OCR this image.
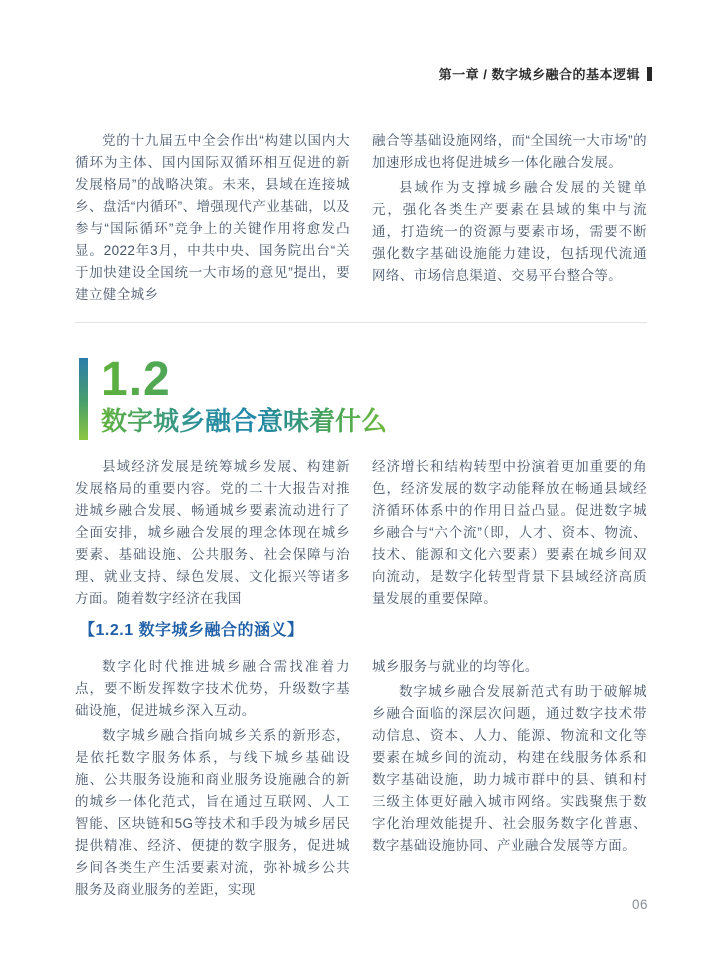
第一章 / 数字城乡融合的基本逻辑

党的十九届五中全会作出“构建以国内大循环为主体、国内国际双循环相互促进的新发展格局”的战略决策。未来，县域在连接城乡、盘活“内循环”、增强现代产业基础，以及参与“国际循环”竞争上的关键作用将愈发凸显。2022年3月，中共中央、国务院出台“关于加快建设全国统一大市场的意见”提出，要建立健全城乡

融合等基础设施网络，而“全国统一大市场”的加速形成也将促进城乡一体化融合发展。

县域作为支撑城乡融合发展的关键单元，强化各类生产要素在县域的集中与流通，打造统一的资源与要素市场，需要不断强化数字基础设施能力建设，包括现代流通网络、市场信息渠道、交易平台整合等。

1.2
数字城乡融合意味着什么

县域经济发展是统筹城乡发展、构建新发展格局的重要内容。党的二十大报告对推进城乡融合发展、畅通城乡要素流动进行了全面安排，城乡融合发展的理念体现在城乡要素、基础设施、公共服务、社会保障与治理、就业支持、绿色发展、文化振兴等诸多方面。随着数字经济在我国

经济增长和结构转型中扮演着更加重要的角色，经济发展的数字动能释放在畅通县域经济循环体系中的作用日益凸显。促进数字城乡融合与“六个流”（即，人才、资本、物流、技术、能源和文化六要素）要素在城乡间双向流动，是数字化转型背景下县域经济高质量发展的重要保障。

【1.2.1 数字城乡融合的涵义】

数字化时代推进城乡融合需找准着力点，要不断发挥数字技术优势，升级数字基础设施，促进城乡深入互动。

数字城乡融合指向城乡关系的新形态，是依托数字服务体系，与线下城乡基础设施、公共服务设施和商业服务设施融合的新的城乡一体化范式，旨在通过互联网、人工智能、区块链和5G等技术和手段为城乡居民提供精准、经济、便捷的数字服务，促进城乡间各类生产生活要素对流，弥补城乡公共服务及商业服务的差距，实现

城乡服务与就业的均等化。

数字城乡融合发展新范式有助于破解城乡融合面临的深层次问题，通过数字技术带动信息、资本、人力、能源、物流和文化等要素在城乡间的流动，构建在线服务体系和数字基础设施，助力城市群中的县、镇和村三级主体更好融入城市网络。实践聚焦于数字化治理效能提升、社会服务数字化普惠、数字基础设施协同、产业融合发展等方面。

06
